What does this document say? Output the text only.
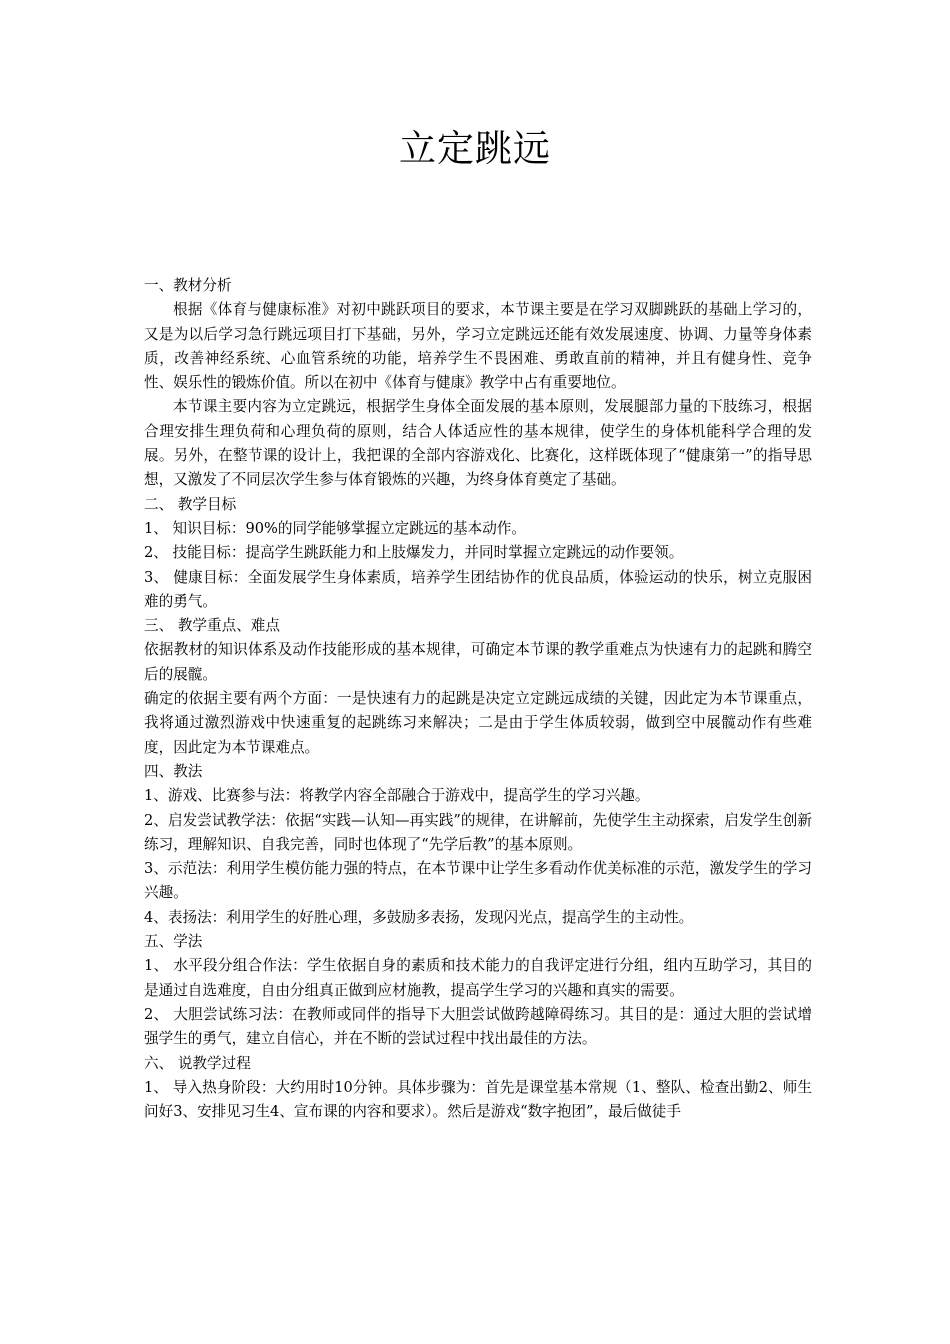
立定跳远

一、教材分析

根据《体育与健康标准》对初中跳跃项目的要求，本节课主要是在学习双脚跳跃的基础上学习的，又是为以后学习急行跳远项目打下基础，另外，学习立定跳远还能有效发展速度、协调、力量等身体素质，改善神经系统、心血管系统的功能，培养学生不畏困难、勇敢直前的精神，并且有健身性、竞争性、娱乐性的锻炼价值。所以在初中《体育与健康》教学中占有重要地位。

本节课主要内容为立定跳远，根据学生身体全面发展的基本原则，发展腿部力量的下肢练习，根据合理安排生理负荷和心理负荷的原则，结合人体适应性的基本规律，使学生的身体机能科学合理的发展。另外，在整节课的设计上，我把课的全部内容游戏化、比赛化，这样既体现了“健康第一”的指导思想，又激发了不同层次学生参与体育锻炼的兴趣，为终身体育奠定了基础。

二、 教学目标

1、 知识目标：90%的同学能够掌握立定跳远的基本动作。

2、 技能目标：提高学生跳跃能力和上肢爆发力，并同时掌握立定跳远的动作要领。

3、 健康目标：全面发展学生身体素质，培养学生团结协作的优良品质，体验运动的快乐，树立克服困难的勇气。

三、 教学重点、难点

依据教材的知识体系及动作技能形成的基本规律，可确定本节课的教学重难点为快速有力的起跳和腾空后的展髋。

确定的依据主要有两个方面：一是快速有力的起跳是决定立定跳远成绩的关键，因此定为本节课重点，我将通过激烈游戏中快速重复的起跳练习来解决；二是由于学生体质较弱，做到空中展髋动作有些难度，因此定为本节课难点。

四、教法

1、游戏、比赛参与法：将教学内容全部融合于游戏中，提高学生的学习兴趣。

2、启发尝试教学法：依据“实践—认知—再实践”的规律，在讲解前，先使学生主动探索，启发学生创新练习，理解知识、自我完善，同时也体现了“先学后教”的基本原则。

3、示范法：利用学生模仿能力强的特点，在本节课中让学生多看动作优美标准的示范，激发学生的学习兴趣。

4、表扬法：利用学生的好胜心理，多鼓励多表扬，发现闪光点，提高学生的主动性。

五、学法

1、 水平段分组合作法：学生依据自身的素质和技术能力的自我评定进行分组，组内互助学习，其目的是通过自选难度，自由分组真正做到应材施教，提高学生学习的兴趣和真实的需要。

2、 大胆尝试练习法：在教师或同伴的指导下大胆尝试做跨越障碍练习。其目的是：通过大胆的尝试增强学生的勇气，建立自信心，并在不断的尝试过程中找出最佳的方法。

六、 说教学过程

1、 导入热身阶段：大约用时10分钟。具体步骤为：首先是课堂基本常规（1、整队、检查出勤2、师生问好3、安排见习生4、宣布课的内容和要求）。然后是游戏“数字抱团”，最后做徒手
